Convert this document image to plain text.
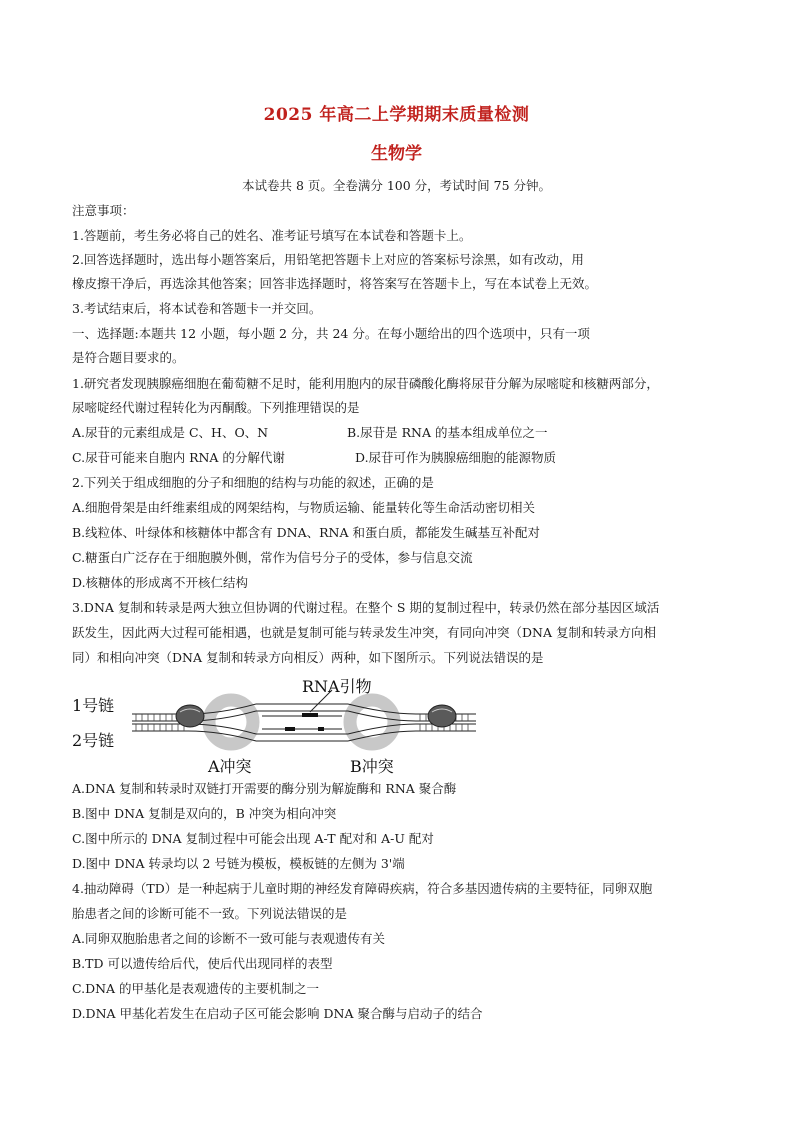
2025 年高二上学期期末质量检测
生物学
本试卷共 8 页。全卷满分 100 分，考试时间 75 分钟。
注意事项：
1.答题前，考生务必将自己的姓名、准考证号填写在本试卷和答题卡上。
2.回答选择题时，选出每小题答案后，用铅笔把答题卡上对应的答案标号涂黑，如有改动，用
橡皮擦干净后，再选涂其他答案；回答非选择题时，将答案写在答题卡上，写在本试卷上无效。
3.考试结束后，将本试卷和答题卡一并交回。
一、选择题:本题共 12 小题，每小题 2 分，共 24 分。在每小题给出的四个选项中，只有一项
是符合题目要求的。
1.研究者发现胰腺癌细胞在葡萄糖不足时，能利用胞内的尿苷磷酸化酶将尿苷分解为尿嘧啶和核糖两部分，
尿嘧啶经代谢过程转化为丙酮酸。下列推理错误的是
A.尿苷的元素组成是 C、H、O、N	B.尿苷是 RNA 的基本组成单位之一
C.尿苷可能来自胞内 RNA 的分解代谢	D.尿苷可作为胰腺癌细胞的能源物质
2.下列关于组成细胞的分子和细胞的结构与功能的叙述，正确的是
A.细胞骨架是由纤维素组成的网架结构，与物质运输、能量转化等生命活动密切相关
B.线粒体、叶绿体和核糖体中都含有 DNA、RNA 和蛋白质，都能发生碱基互补配对
C.糖蛋白广泛存在于细胞膜外侧，常作为信号分子的受体，参与信息交流
D.核糖体的形成离不开核仁结构
3.DNA 复制和转录是两大独立但协调的代谢过程。在整个 S 期的复制过程中，转录仍然在部分基因区域活
跃发生，因此两大过程可能相遇，也就是复制可能与转录发生冲突，有同向冲突（DNA 复制和转录方向相
同）和相向冲突（DNA 复制和转录方向相反）两种，如下图所示。下列说法错误的是
1号链
2号链
RNA引物
A冲突	B冲突
A.DNA 复制和转录时双链打开需要的酶分别为解旋酶和 RNA 聚合酶
B.图中 DNA 复制是双向的，B 冲突为相向冲突
C.图中所示的 DNA 复制过程中可能会出现 A-T 配对和 A-U 配对
D.图中 DNA 转录均以 2 号链为模板，模板链的左侧为 3'端
4.抽动障碍（TD）是一种起病于儿童时期的神经发育障碍疾病，符合多基因遗传病的主要特征，同卵双胞
胎患者之间的诊断可能不一致。下列说法错误的是
A.同卵双胞胎患者之间的诊断不一致可能与表观遗传有关
B.TD 可以遗传给后代，使后代出现同样的表型
C.DNA 的甲基化是表观遗传的主要机制之一
D.DNA 甲基化若发生在启动子区可能会影响 DNA 聚合酶与启动子的结合
